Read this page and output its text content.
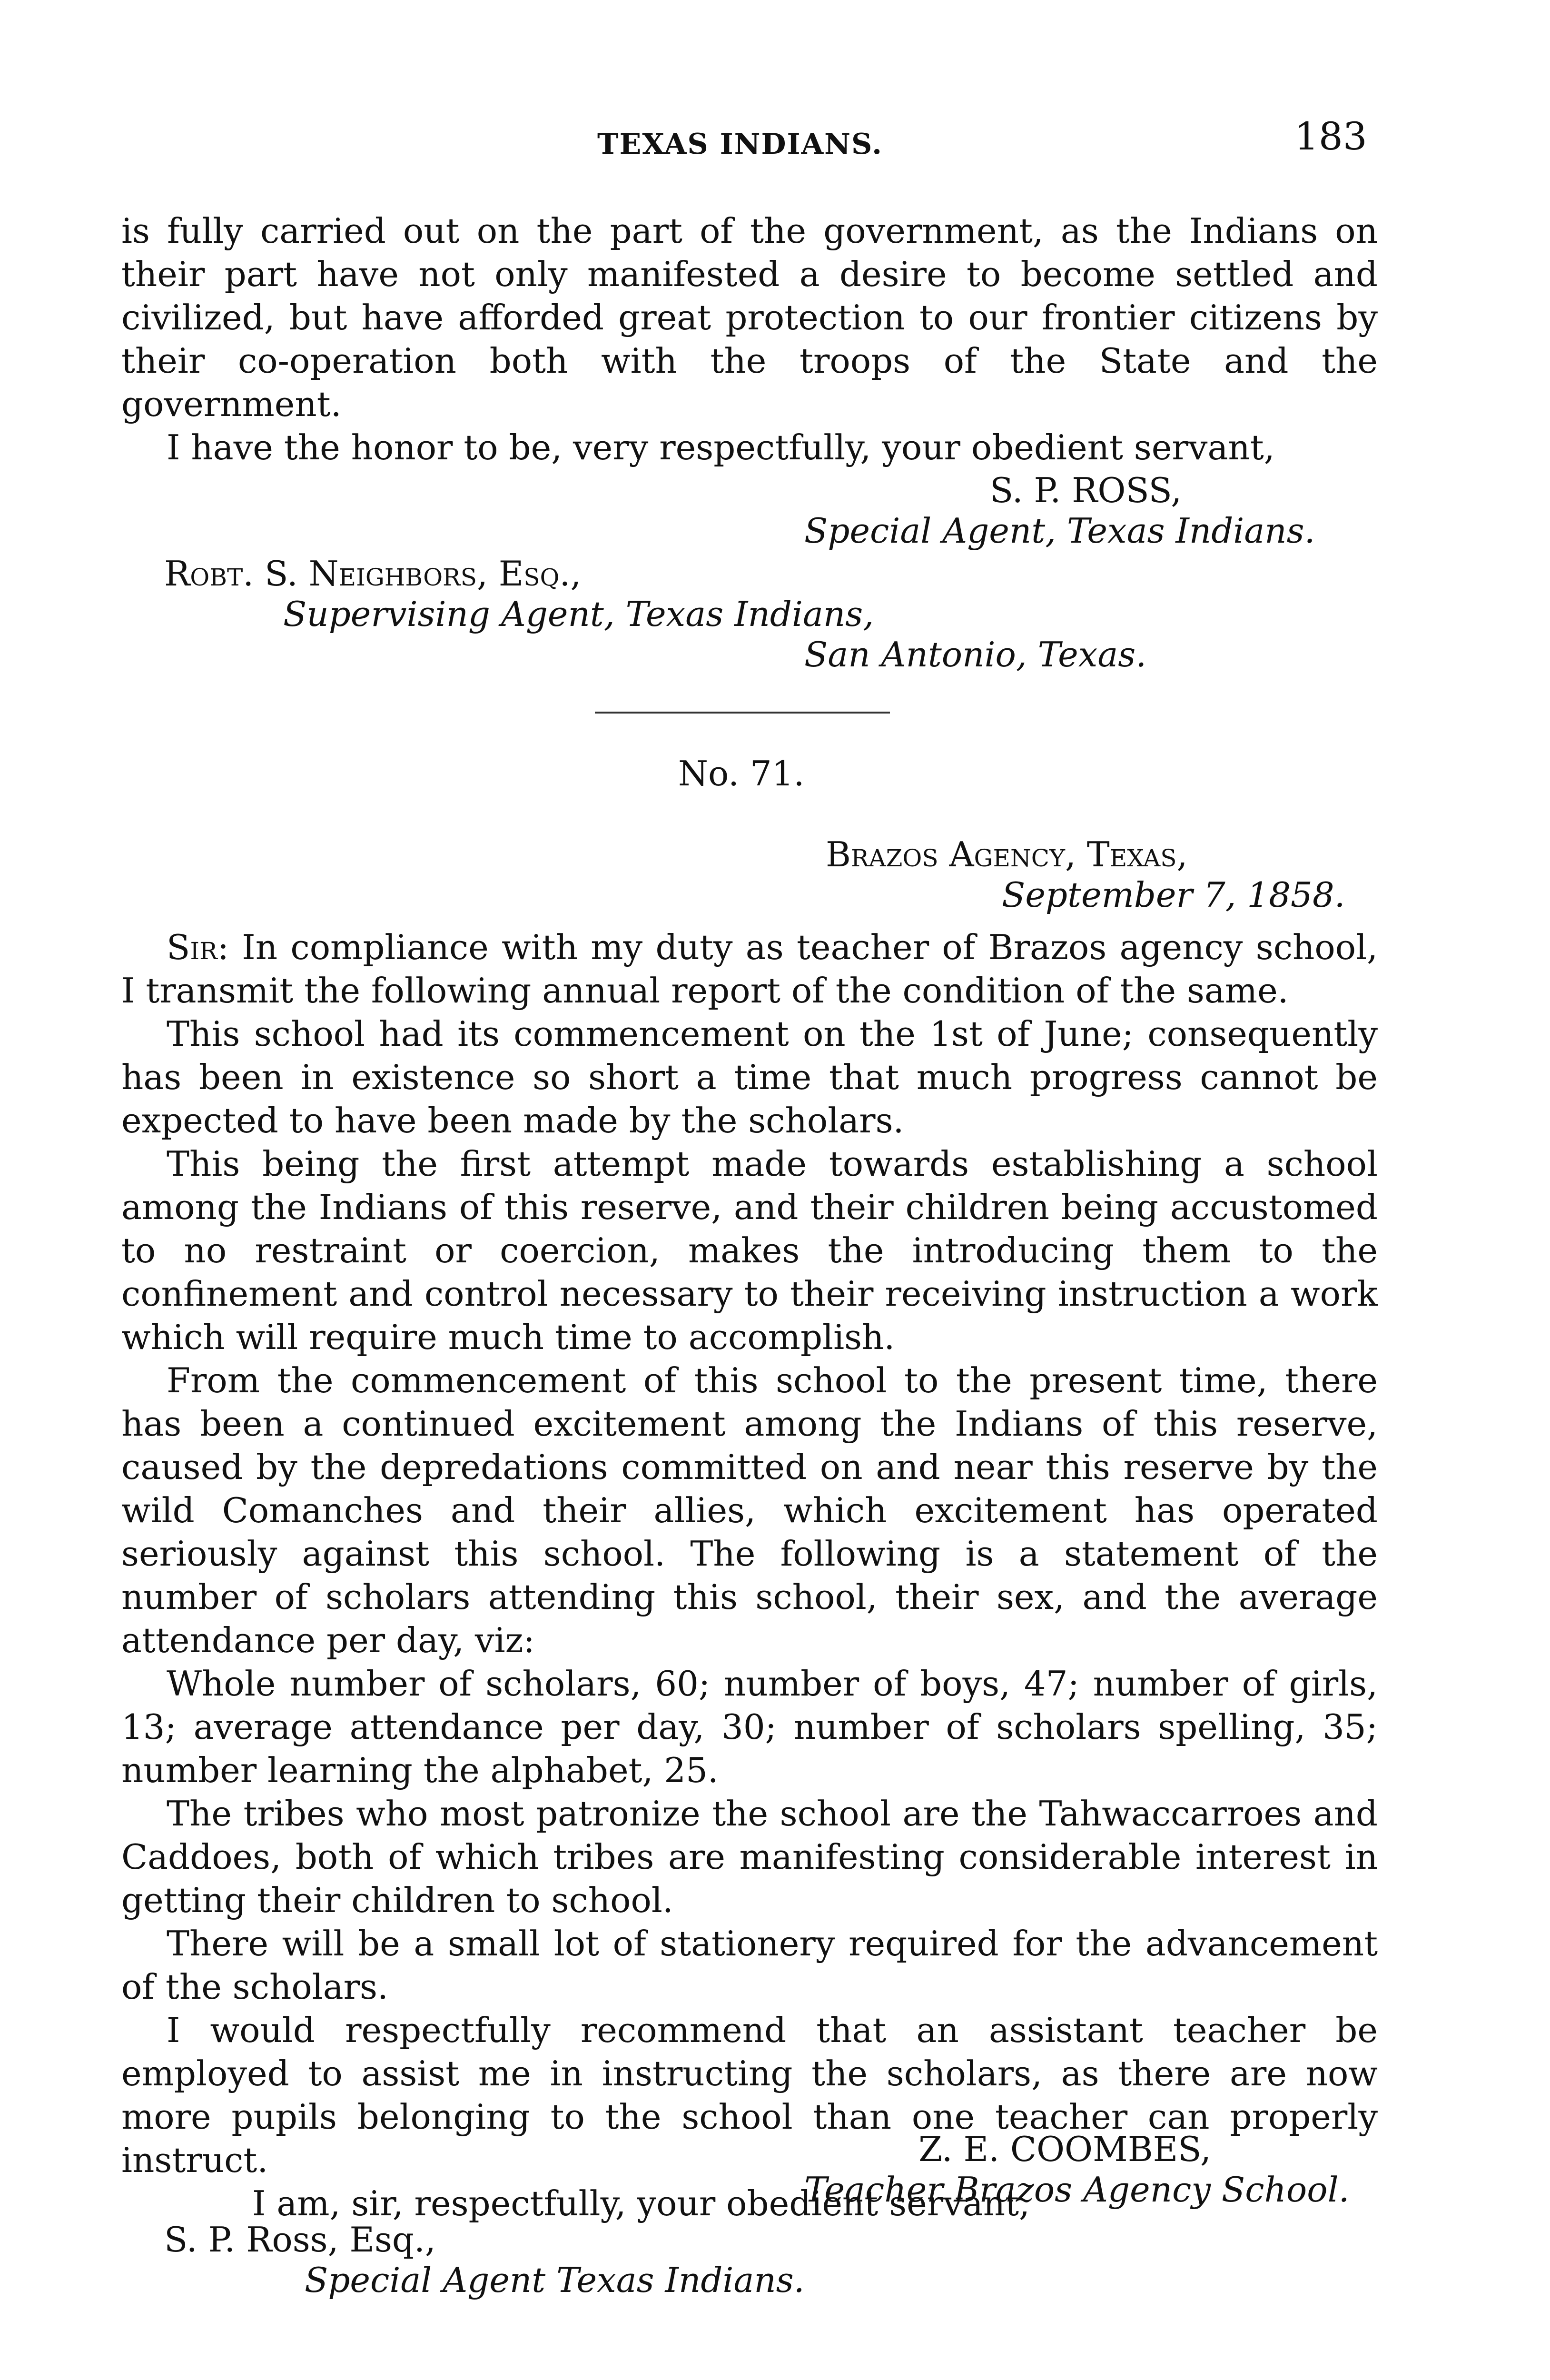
TEXAS INDIANS.	183

is fully carried out on the part of the government, as the Indians on their part have not only manifested a desire to become settled and civilized, but have afforded great protection to our frontier citizens by their co-operation both with the troops of the State and the government.

I have the honor to be, very respectfully, your obedient servant,

S. P. ROSS,
Special Agent, Texas Indians.
Robt. S. Neighbors, Esq.,
Supervising Agent, Texas Indians,
San Antonio, Texas.
No. 71.
Brazos Agency, Texas,
September 7, 1858.

Sir: In compliance with my duty as teacher of Brazos agency school, I transmit the following annual report of the condition of the same.

This school had its commencement on the 1st of June; consequently has been in existence so short a time that much progress cannot be expected to have been made by the scholars.

This being the first attempt made towards establishing a school among the Indians of this reserve, and their children being accustomed to no restraint or coercion, makes the introducing them to the confinement and control necessary to their receiving instruction a work which will require much time to accomplish.

From the commencement of this school to the present time, there has been a continued excitement among the Indians of this reserve, caused by the depredations committed on and near this reserve by the wild Comanches and their allies, which excitement has operated seriously against this school. The following is a statement of the number of scholars attending this school, their sex, and the average attendance per day, viz:

Whole number of scholars, 60; number of boys, 47; number of girls, 13; average attendance per day, 30; number of scholars spelling, 35; number learning the alphabet, 25.

The tribes who most patronize the school are the Tahwaccarroes and Caddoes, both of which tribes are manifesting considerable interest in getting their children to school.

There will be a small lot of stationery required for the advancement of the scholars.

I would respectfully recommend that an assistant teacher be employed to assist me in instructing the scholars, as there are now more pupils belonging to the school than one teacher can properly instruct.

I am, sir, respectfully, your obedient servant,

Z. E. COOMBES,
Teacher Brazos Agency School.
S. P. Ross, Esq.,
Special Agent Texas Indians.
